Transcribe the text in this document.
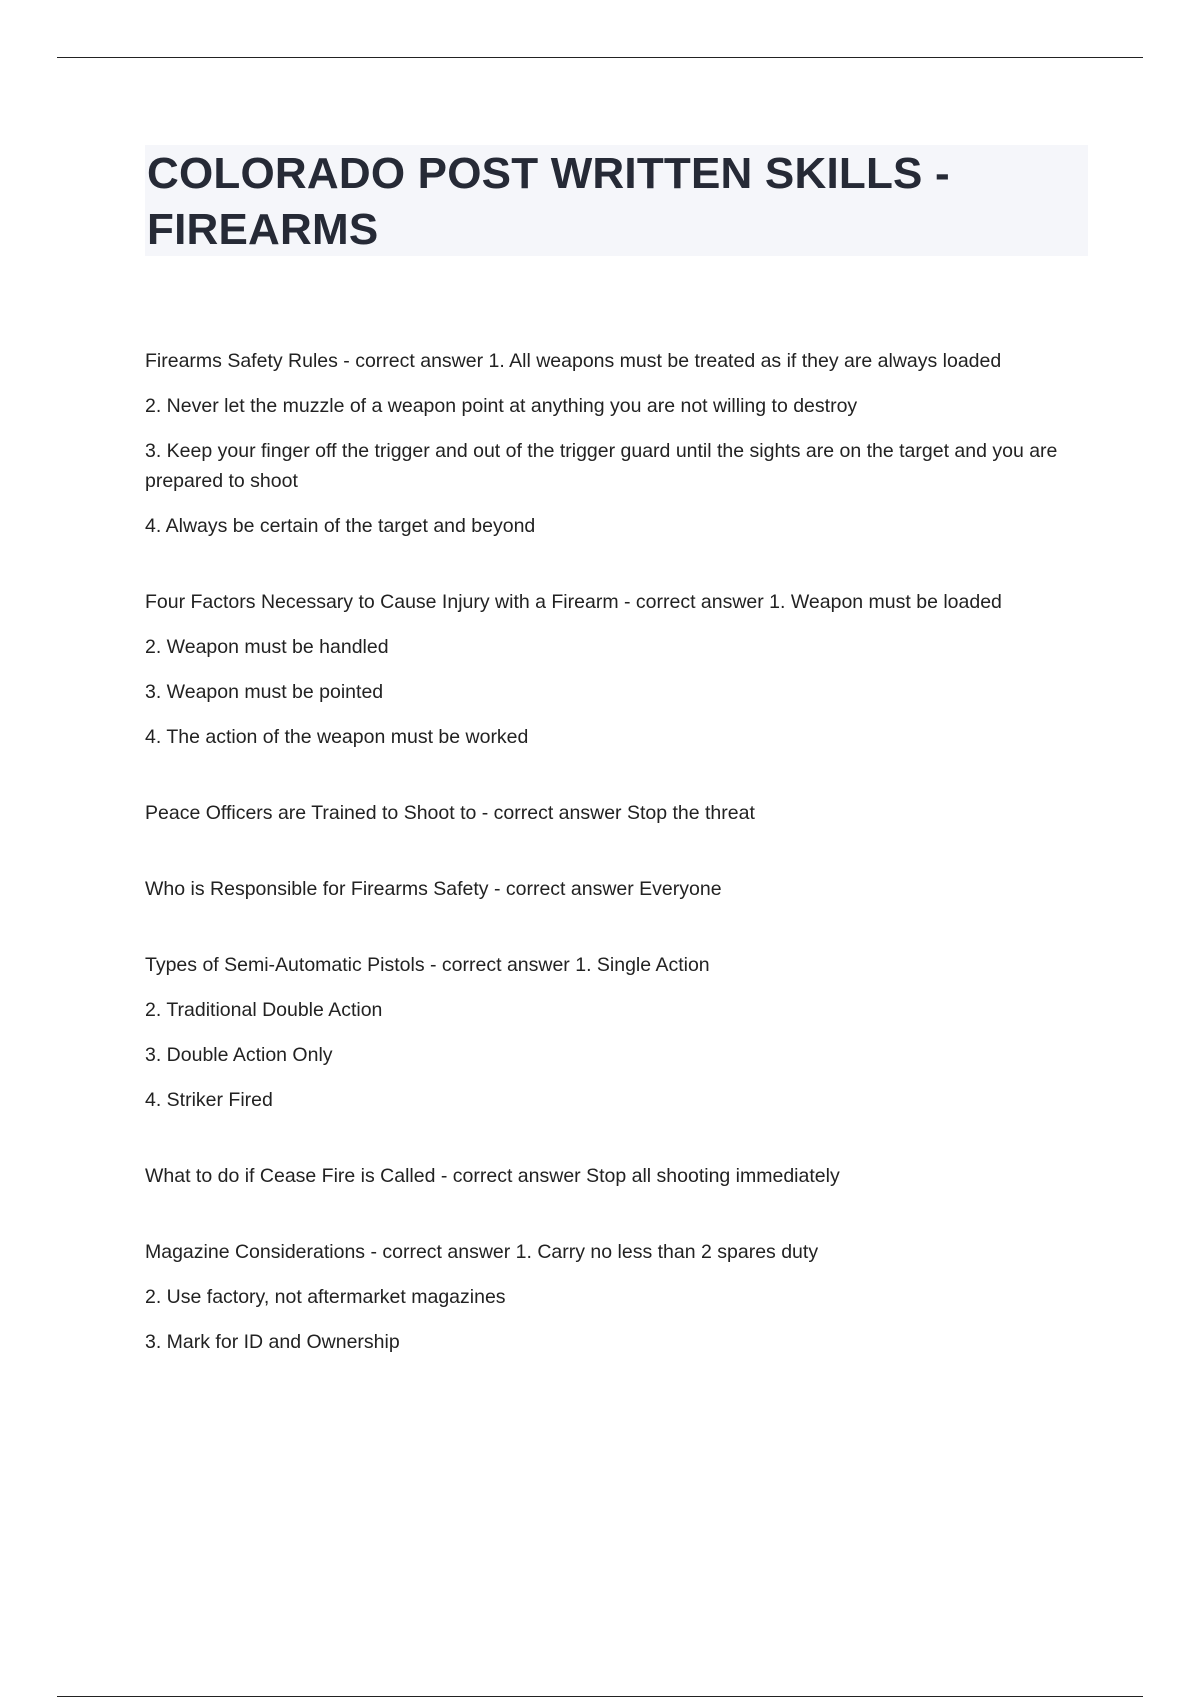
COLORADO POST WRITTEN SKILLS - FIREARMS

Firearms Safety Rules - correct answer 1. All weapons must be treated as if they are always loaded

2. Never let the muzzle of a weapon point at anything you are not willing to destroy

3. Keep your finger off the trigger and out of the trigger guard until the sights are on the target and you are prepared to shoot

4. Always be certain of the target and beyond

Four Factors Necessary to Cause Injury with a Firearm - correct answer 1. Weapon must be loaded

2. Weapon must be handled

3. Weapon must be pointed

4. The action of the weapon must be worked

Peace Officers are Trained to Shoot to - correct answer Stop the threat

Who is Responsible for Firearms Safety - correct answer Everyone

Types of Semi-Automatic Pistols - correct answer 1. Single Action

2. Traditional Double Action

3. Double Action Only

4. Striker Fired

What to do if Cease Fire is Called - correct answer Stop all shooting immediately

Magazine Considerations - correct answer 1. Carry no less than 2 spares duty

2. Use factory, not aftermarket magazines

3. Mark for ID and Ownership
